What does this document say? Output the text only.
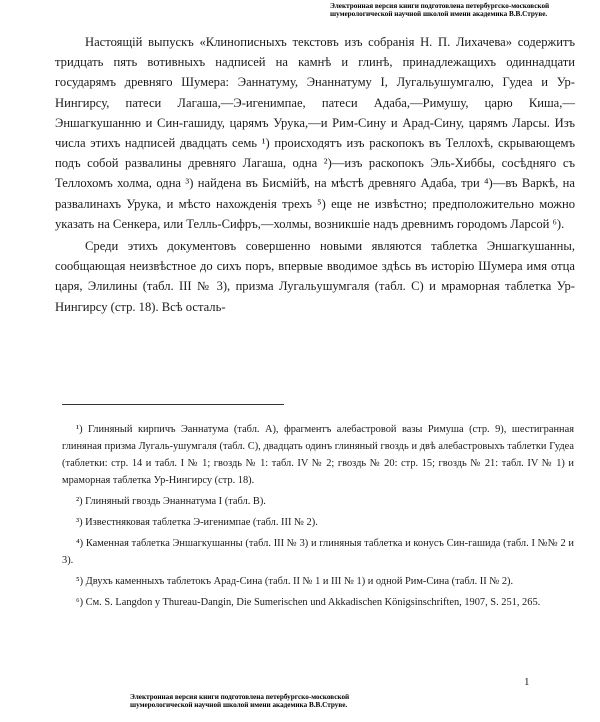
Электронная версия книги подготовлена петербургско-московской шумерологической научной школой имени академика В.В.Струве.

Настоящій выпускъ «Клинописныхъ текстовъ изъ собранія Н. П. Лихачева» содержитъ тридцать пять вотивныхъ надписей на камнѣ и глинѣ, принадлежащихъ одиннадцати государямъ древняго Шумера: Эаннатуму, Энаннатуму I, Лугальушумгалю, Гудеа и Ур-Нингирсу, патеси Лагаша,—Э-игенимпае, патеси Адаба,—Римушу, царю Киша,—Эншагкушанню и Син-гашиду, царямъ Урука,—и Рим-Сину и Арад-Сину, царямъ Ларсы. Изъ числа этихъ надписей двадцать семь ¹) происходятъ изъ раскопокъ въ Теллохѣ, скрывающемъ подъ собой развалины древняго Лагаша, одна ²)—изъ раскопокъ Эль-Хиббы, сосѣдняго съ Теллохомъ холма, одна ³) найдена въ Бисмійѣ, на мѣстѣ древняго Адаба, три ⁴)—въ Варкѣ, на развалинахъ Урука, и мѣсто нахожденія трехъ ⁵) еще не извѣстно; предположительно можно указать на Сенкера, или Телль-Сифръ,—холмы, возникшіе надъ древнимъ городомъ Ларсой ⁶).

Среди этихъ документовъ совершенно новыми являются таблетка Эншагкушанны, сообщающая неизвѣстное до сихъ поръ, впервые вводимое здѣсь въ исторію Шумера имя отца царя, Элилины (табл. III № 3), призма Лугальушумгаля (табл. С) и мраморная таблетка Ур-Нингирсу (стр. 18). Всѣ осталь-

¹) Глиняный кирпичъ Эаннатума (табл. А), фрагментъ алебастровой вазы Римуша (стр. 9), шестигранная глиняная призма Лугаль-ушумгаля (табл. С), двадцать одинъ глиняный гвоздь и двѣ алебастровыхъ таблетки Гудеа (таблетки: стр. 14 и табл. I № 1; гвоздь № 1: табл. IV № 2; гвоздь № 20: стр. 15; гвоздь № 21: табл. IV № 1) и мраморная таблетка Ур-Нингирсу (стр. 18).

²) Глиняный гвоздь Энаннатума I (табл. В).

³) Известняковая таблетка Э-игенимпае (табл. III № 2).

⁴) Каменная таблетка Эншагкушанны (табл. III № 3) и глиняныя таблетка и конусъ Син-гашида (табл. I №№ 2 и 3).

⁵) Двухъ каменныхъ таблетокъ Арад-Сина (табл. II № 1 и III № 1) и одной Рим-Сина (табл. II № 2).

⁶) См. S. Langdon y Thureau-Dangin, Die Sumerischen und Akkadischen Königsinschriften, 1907, S. 251, 265.

1
Электронная версия книги подготовлена петербургско-московской шумерологической научной школой имени академика В.В.Струве.
